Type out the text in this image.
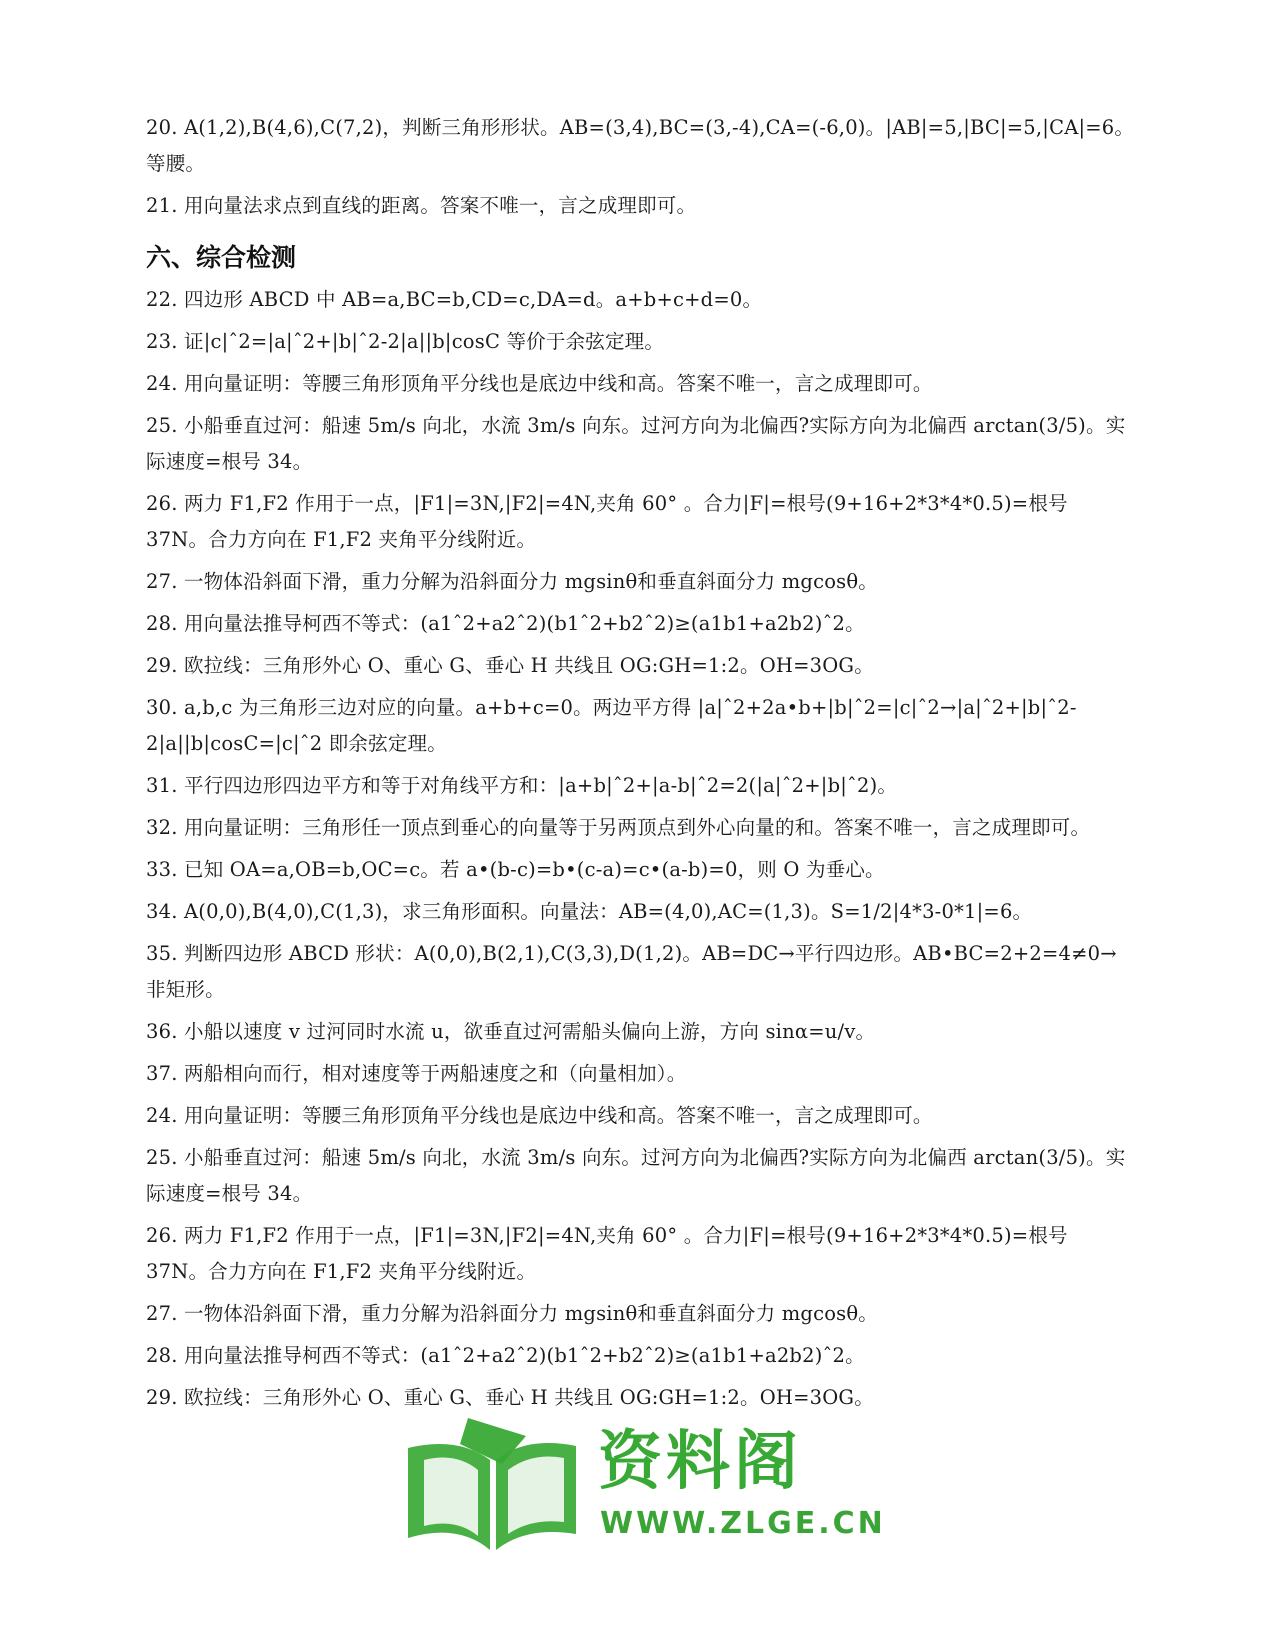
20. A(1,2),B(4,6),C(7,2)，判断三角形形状。AB=(3,4),BC=(3,-4),CA=(-6,0)。|AB|=5,|BC|=5,|CA|=6。等腰。

21. 用向量法求点到直线的距离。答案不唯一，言之成理即可。

六、综合检测

22. 四边形 ABCD 中 AB=a,BC=b,CD=c,DA=d。a+b+c+d=0。

23. 证|c|ˆ2=|a|ˆ2+|b|ˆ2-2|a||b|cosC 等价于余弦定理。

24. 用向量证明：等腰三角形顶角平分线也是底边中线和高。答案不唯一，言之成理即可。

25. 小船垂直过河：船速 5m/s 向北，水流 3m/s 向东。过河方向为北偏西?实际方向为北偏西 arctan(3/5)。实际速度=根号 34。

26. 两力 F1,F2 作用于一点，|F1|=3N,|F2|=4N,夹角 60° 。合力|F|=根号(9+16+2*3*4*0.5)=根号 37N。合力方向在 F1,F2 夹角平分线附近。

27. 一物体沿斜面下滑，重力分解为沿斜面分力 mgsinθ和垂直斜面分力 mgcosθ。

28. 用向量法推导柯西不等式：(a1ˆ2+a2ˆ2)(b1ˆ2+b2ˆ2)≥(a1b1+a2b2)ˆ2。

29. 欧拉线：三角形外心 O、重心 G、垂心 H 共线且 OG:GH=1:2。OH=3OG。

30. a,b,c 为三角形三边对应的向量。a+b+c=0。两边平方得 |a|ˆ2+2a•b+|b|ˆ2=|c|ˆ2→|a|ˆ2+|b|ˆ2-2|a||b|cosC=|c|ˆ2 即余弦定理。

31. 平行四边形四边平方和等于对角线平方和：|a+b|ˆ2+|a-b|ˆ2=2(|a|ˆ2+|b|ˆ2)。

32. 用向量证明：三角形任一顶点到垂心的向量等于另两顶点到外心向量的和。答案不唯一，言之成理即可。

33. 已知 OA=a,OB=b,OC=c。若 a•(b-c)=b•(c-a)=c•(a-b)=0，则 O 为垂心。

34. A(0,0),B(4,0),C(1,3)，求三角形面积。向量法：AB=(4,0),AC=(1,3)。S=1/2|4*3-0*1|=6。

35. 判断四边形 ABCD 形状：A(0,0),B(2,1),C(3,3),D(1,2)。AB=DC→平行四边形。AB•BC=2+2=4≠0→非矩形。

36. 小船以速度 v 过河同时水流 u，欲垂直过河需船头偏向上游，方向 sinα=u/v。

37. 两船相向而行，相对速度等于两船速度之和（向量相加）。

24. 用向量证明：等腰三角形顶角平分线也是底边中线和高。答案不唯一，言之成理即可。

25. 小船垂直过河：船速 5m/s 向北，水流 3m/s 向东。过河方向为北偏西?实际方向为北偏西 arctan(3/5)。实际速度=根号 34。

26. 两力 F1,F2 作用于一点，|F1|=3N,|F2|=4N,夹角 60° 。合力|F|=根号(9+16+2*3*4*0.5)=根号 37N。合力方向在 F1,F2 夹角平分线附近。

27. 一物体沿斜面下滑，重力分解为沿斜面分力 mgsinθ和垂直斜面分力 mgcosθ。

28. 用向量法推导柯西不等式：(a1ˆ2+a2ˆ2)(b1ˆ2+b2ˆ2)≥(a1b1+a2b2)ˆ2。

29. 欧拉线：三角形外心 O、重心 G、垂心 H 共线且 OG:GH=1:2。OH=3OG。

资料阁
WWW.ZLGE.CN
